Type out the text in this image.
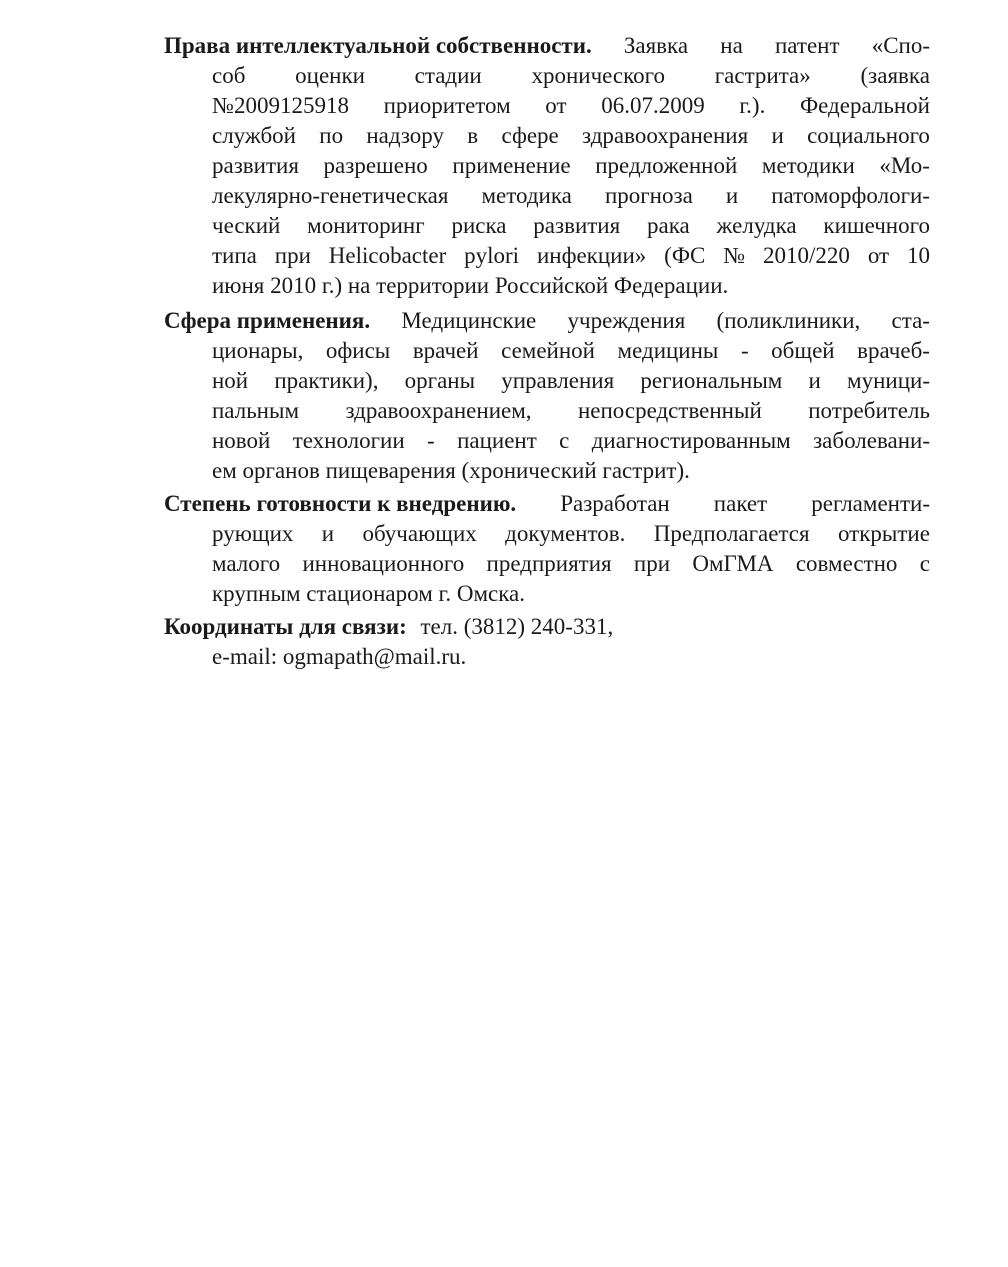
Права интеллектуальной собственности. Заявка на патент «Спо-
соб оценки стадии хронического гастрита» (заявка
№2009125918 приоритетом от 06.07.2009 г.). Федеральной
службой по надзору в сфере здравоохранения и социального
развития разрешено применение предложенной методики «Мо-
лекулярно-генетическая методика прогноза и патоморфологи-
ческий мониторинг риска развития рака желудка кишечного
типа при Helicobacter pylori инфекции» (ФС № 2010/220 от 10
июня 2010 г.) на территории Российской Федерации.
Сфера применения. Медицинские учреждения (поликлиники, ста-
ционары, офисы врачей семейной медицины - общей врачеб-
ной практики), органы управления региональным и муници-
пальным здравоохранением, непосредственный потребитель
новой технологии - пациент с диагностированным заболевани-
ем органов пищеварения (хронический гастрит).
Степень готовности к внедрению. Разработан пакет регламенти-
рующих и обучающих документов. Предполагается открытие
малого инновационного предприятия при ОмГМА совместно с
крупным стационаром г. Омска.
Координаты для связи: тел. (3812) 240-331,
e-mail: ogmapath@mail.ru.
